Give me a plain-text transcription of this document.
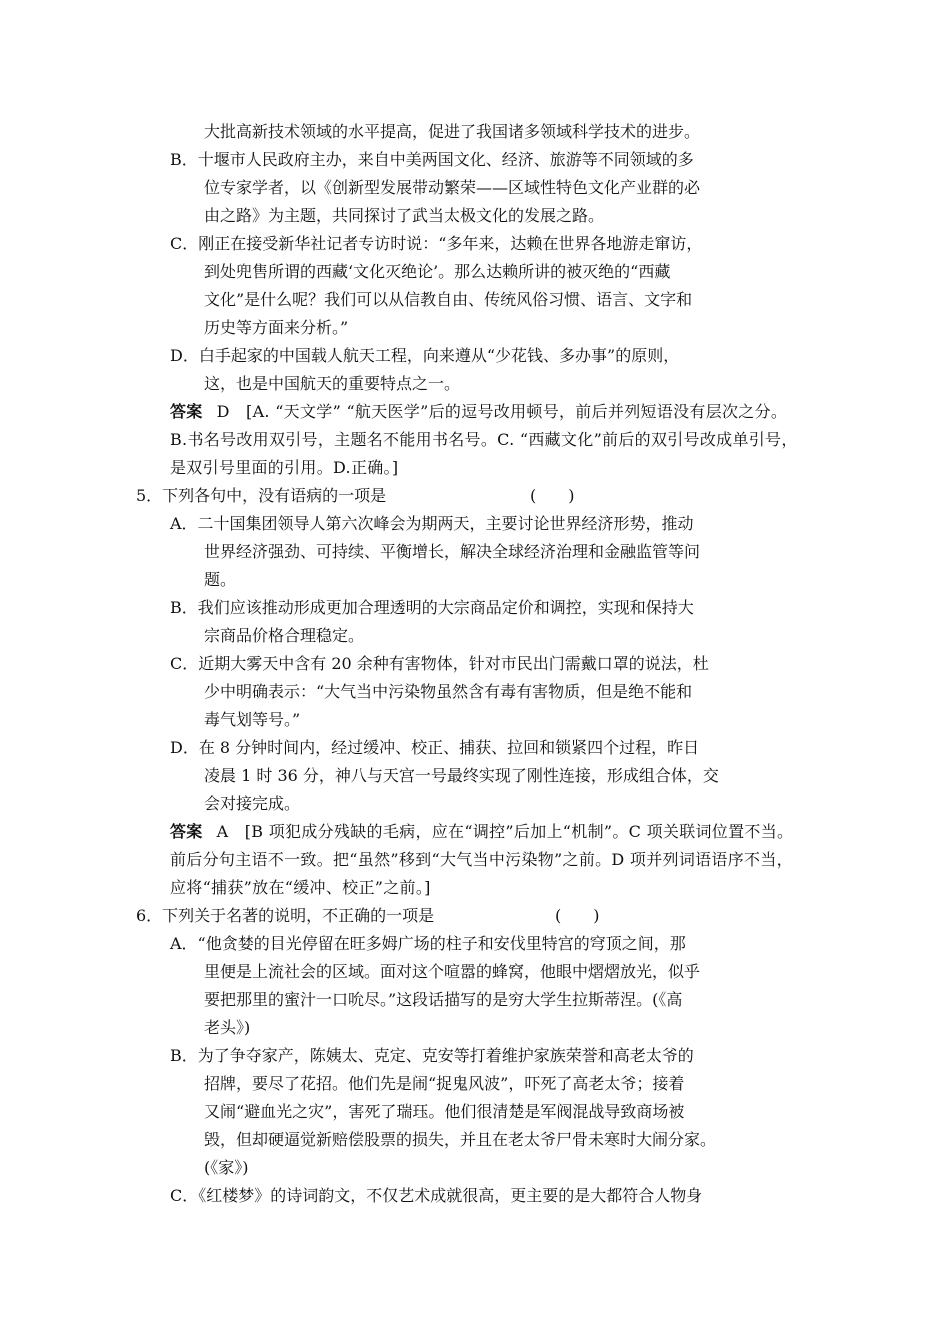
大批高新技术领域的水平提高，促进了我国诸多领域科学技术的进步。
B．十堰市人民政府主办，来自中美两国文化、经济、旅游等不同领域的多
位专家学者，以《创新型发展带动繁荣——区域性特色文化产业群的必
由之路》为主题，共同探讨了武当太极文化的发展之路。
C．刚正在接受新华社记者专访时说：“多年来，达赖在世界各地游走窜访，
到处兜售所谓的西藏‘文化灭绝论’。那么达赖所讲的被灭绝的“西藏
文化”是什么呢？我们可以从信教自由、传统风俗习惯、语言、文字和
历史等方面来分析。”
D．白手起家的中国载人航天工程，向来遵从“少花钱、多办事”的原则，
这，也是中国航天的重要特点之一。
答案 D　[A. “天文学” “航天医学”后的逗号改用顿号，前后并列短语没有层次之分。
B.书名号改用双引号，主题名不能用书名号。C. “西藏文化”前后的双引号改成单引号，
是双引号里面的引用。D.正确。]
5．下列各句中，没有语病的一项是	(　　)
A．二十国集团领导人第六次峰会为期两天，主要讨论世界经济形势，推动
世界经济强劲、可持续、平衡增长，解决全球经济治理和金融监管等问
题。
B．我们应该推动形成更加合理透明的大宗商品定价和调控，实现和保持大
宗商品价格合理稳定。
C．近期大雾天中含有 20 余种有害物体，针对市民出门需戴口罩的说法，杜
少中明确表示：“大气当中污染物虽然含有毒有害物质，但是绝不能和
毒气划等号。”
D．在 8 分钟时间内，经过缓冲、校正、捕获、拉回和锁紧四个过程，昨日
凌晨 1 时 36 分，神八与天宫一号最终实现了刚性连接，形成组合体，交
会对接完成。
答案 A　[B 项犯成分残缺的毛病，应在“调控”后加上“机制”。C 项关联词位置不当。
前后分句主语不一致。把“虽然”移到“大气当中污染物”之前。D 项并列词语语序不当，
应将“捕获”放在“缓冲、校正”之前。]
6．下列关于名著的说明，不正确的一项是	(　　)
A．“他贪婪的目光停留在旺多姆广场的柱子和安伐里特宫的穹顶之间，那
里便是上流社会的区域。面对这个喧嚣的蜂窝，他眼中熠熠放光，似乎
要把那里的蜜汁一口吮尽。”这段话描写的是穷大学生拉斯蒂涅。(《高
老头》)
B．为了争夺家产，陈姨太、克定、克安等打着维护家族荣誉和高老太爷的
招牌，要尽了花招。他们先是闹“捉鬼风波”，吓死了高老太爷；接着
又闹“避血光之灾”，害死了瑞珏。他们很清楚是军阀混战导致商场被
毁，但却硬逼觉新赔偿股票的损失，并且在老太爷尸骨未寒时大闹分家。
(《家》)
C．《红楼梦》的诗词韵文，不仅艺术成就很高，更主要的是大都符合人物身
